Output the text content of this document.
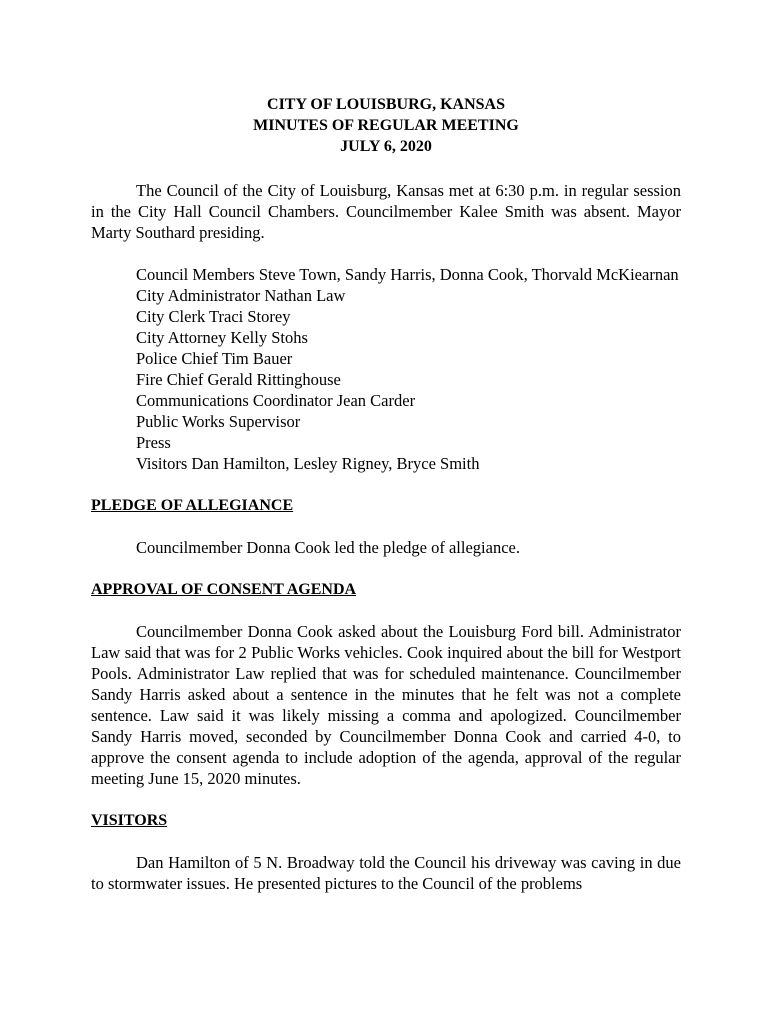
CITY OF LOUISBURG, KANSAS
MINUTES OF REGULAR MEETING
JULY 6, 2020

The Council of the City of Louisburg, Kansas met at 6:30 p.m. in regular session in the City Hall Council Chambers. Councilmember Kalee Smith was absent. Mayor Marty Southard presiding.

Council Members Steve Town, Sandy Harris, Donna Cook, Thorvald McKiearnan
City Administrator Nathan Law
City Clerk Traci Storey
City Attorney Kelly Stohs
Police Chief Tim Bauer
Fire Chief Gerald Rittinghouse
Communications Coordinator Jean Carder
Public Works Supervisor
Press
Visitors Dan Hamilton, Lesley Rigney, Bryce Smith
PLEDGE OF ALLEGIANCE

Councilmember Donna Cook led the pledge of allegiance.

APPROVAL OF CONSENT AGENDA

Councilmember Donna Cook asked about the Louisburg Ford bill. Administrator Law said that was for 2 Public Works vehicles. Cook inquired about the bill for Westport Pools. Administrator Law replied that was for scheduled maintenance. Councilmember Sandy Harris asked about a sentence in the minutes that he felt was not a complete sentence. Law said it was likely missing a comma and apologized. Councilmember Sandy Harris moved, seconded by Councilmember Donna Cook and carried 4-0, to approve the consent agenda to include adoption of the agenda, approval of the regular meeting June 15, 2020 minutes.

VISITORS

Dan Hamilton of 5 N. Broadway told the Council his driveway was caving in due to stormwater issues. He presented pictures to the Council of the problems
